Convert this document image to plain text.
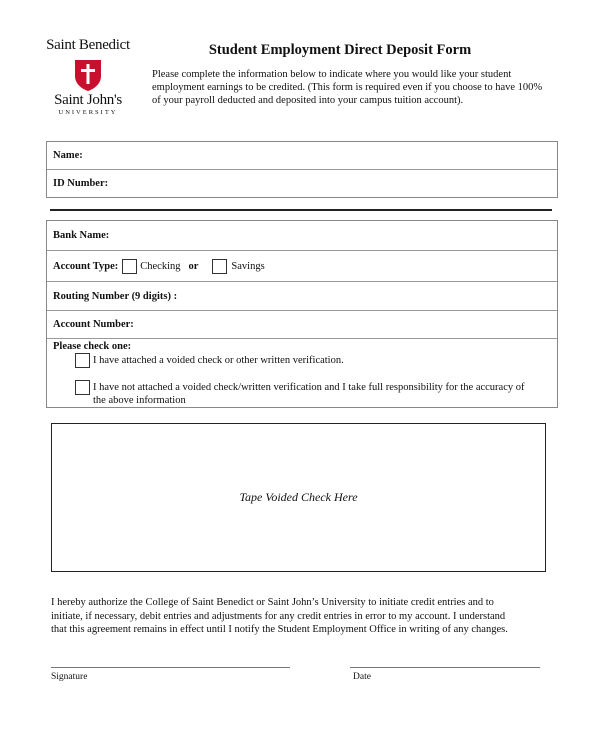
Saint Benedict
Saint John's
UNIVERSITY
Student Employment Direct Deposit Form
Please complete the information below to indicate where you would like your student employment earnings to be credited. (This form is required even if you choose to have 100% of your payroll deducted and deposited into your campus tuition account).
Name:
ID Number:
Bank Name:
Account Type: Checking or	Savings
Routing Number (9 digits) :
Account Number:
Please check one:
I have attached a voided check or other written verification.
I have not attached a voided check/written verification and I take full responsibility for the accuracy of
the above information
Tape Voided Check Here
I hereby authorize the College of Saint Benedict or Saint John’s University to initiate credit entries and to
initiate, if necessary, debit entries and adjustments for any credit entries in error to my account. I understand
that this agreement remains in effect until I notify the Student Employment Office in writing of any changes.
Signature	Date
